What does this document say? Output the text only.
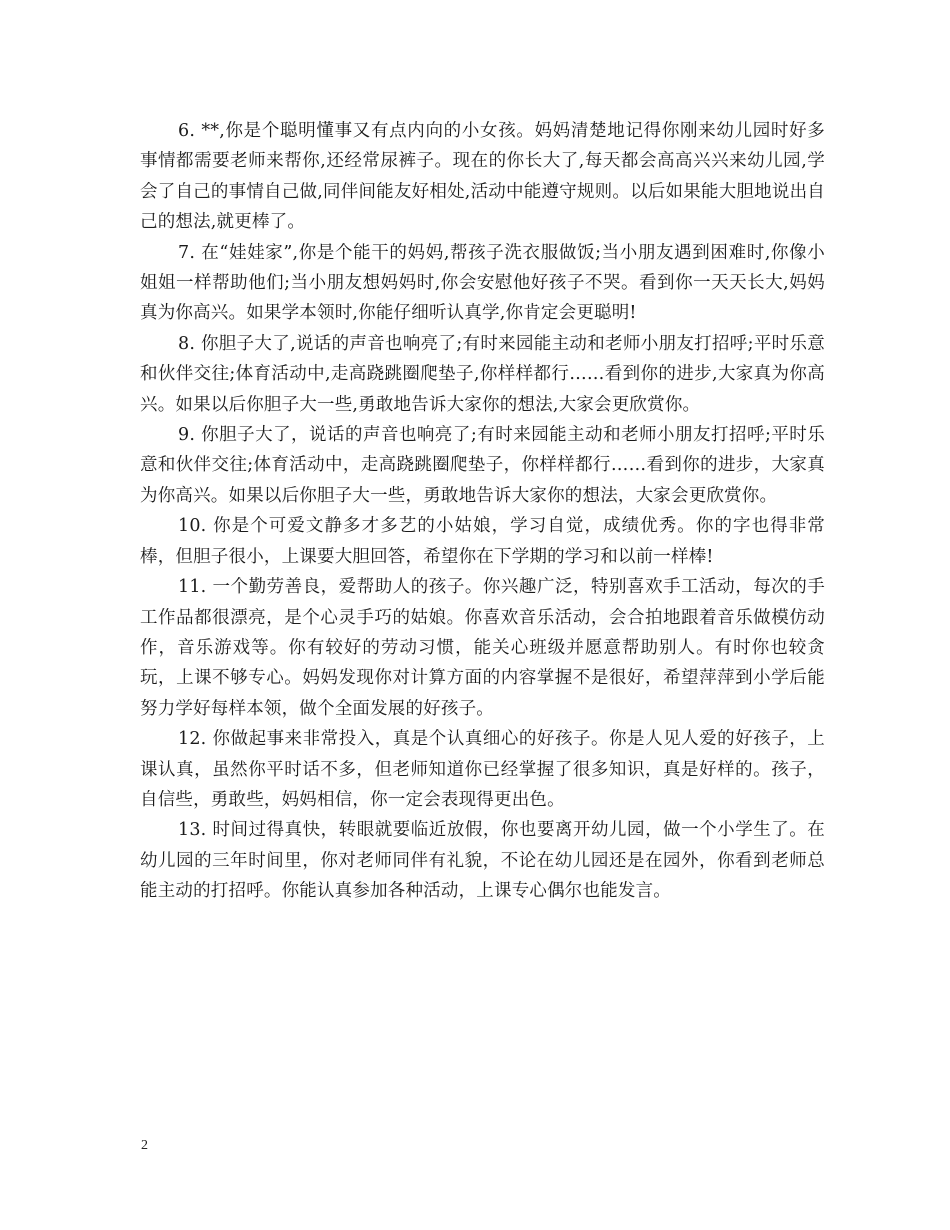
6. **,你是个聪明懂事又有点内向的小女孩。妈妈清楚地记得你刚来幼儿园时好多事情都需要老师来帮你,还经常尿裤子。现在的你长大了,每天都会高高兴兴来幼儿园,学会了自己的事情自己做,同伴间能友好相处,活动中能遵守规则。以后如果能大胆地说出自己的想法,就更棒了。

7. 在“娃娃家”,你是个能干的妈妈,帮孩子洗衣服做饭;当小朋友遇到困难时,你像小姐姐一样帮助他们;当小朋友想妈妈时,你会安慰他好孩子不哭。看到你一天天长大,妈妈真为你高兴。如果学本领时,你能仔细听认真学,你肯定会更聪明!

8. 你胆子大了,说话的声音也响亮了;有时来园能主动和老师小朋友打招呼;平时乐意和伙伴交往;体育活动中,走高跷跳圈爬垫子,你样样都行……看到你的进步,大家真为你高兴。如果以后你胆子大一些,勇敢地告诉大家你的想法,大家会更欣赏你。

9. 你胆子大了，说话的声音也响亮了;有时来园能主动和老师小朋友打招呼;平时乐意和伙伴交往;体育活动中，走高跷跳圈爬垫子，你样样都行……看到你的进步，大家真为你高兴。如果以后你胆子大一些，勇敢地告诉大家你的想法，大家会更欣赏你。

10. 你是个可爱文静多才多艺的小姑娘，学习自觉，成绩优秀。你的字也得非常棒，但胆子很小，上课要大胆回答，希望你在下学期的学习和以前一样棒!

11. 一个勤劳善良，爱帮助人的孩子。你兴趣广泛，特别喜欢手工活动，每次的手工作品都很漂亮，是个心灵手巧的姑娘。你喜欢音乐活动，会合拍地跟着音乐做模仿动作，音乐游戏等。你有较好的劳动习惯，能关心班级并愿意帮助别人。有时你也较贪玩，上课不够专心。妈妈发现你对计算方面的内容掌握不是很好，希望萍萍到小学后能努力学好每样本领，做个全面发展的好孩子。

12. 你做起事来非常投入，真是个认真细心的好孩子。你是人见人爱的好孩子，上课认真，虽然你平时话不多，但老师知道你已经掌握了很多知识，真是好样的。孩子，自信些，勇敢些，妈妈相信，你一定会表现得更出色。

13. 时间过得真快，转眼就要临近放假，你也要离开幼儿园，做一个小学生了。在幼儿园的三年时间里，你对老师同伴有礼貌，不论在幼儿园还是在园外，你看到老师总能主动的打招呼。你能认真参加各种活动，上课专心偶尔也能发言。

2
